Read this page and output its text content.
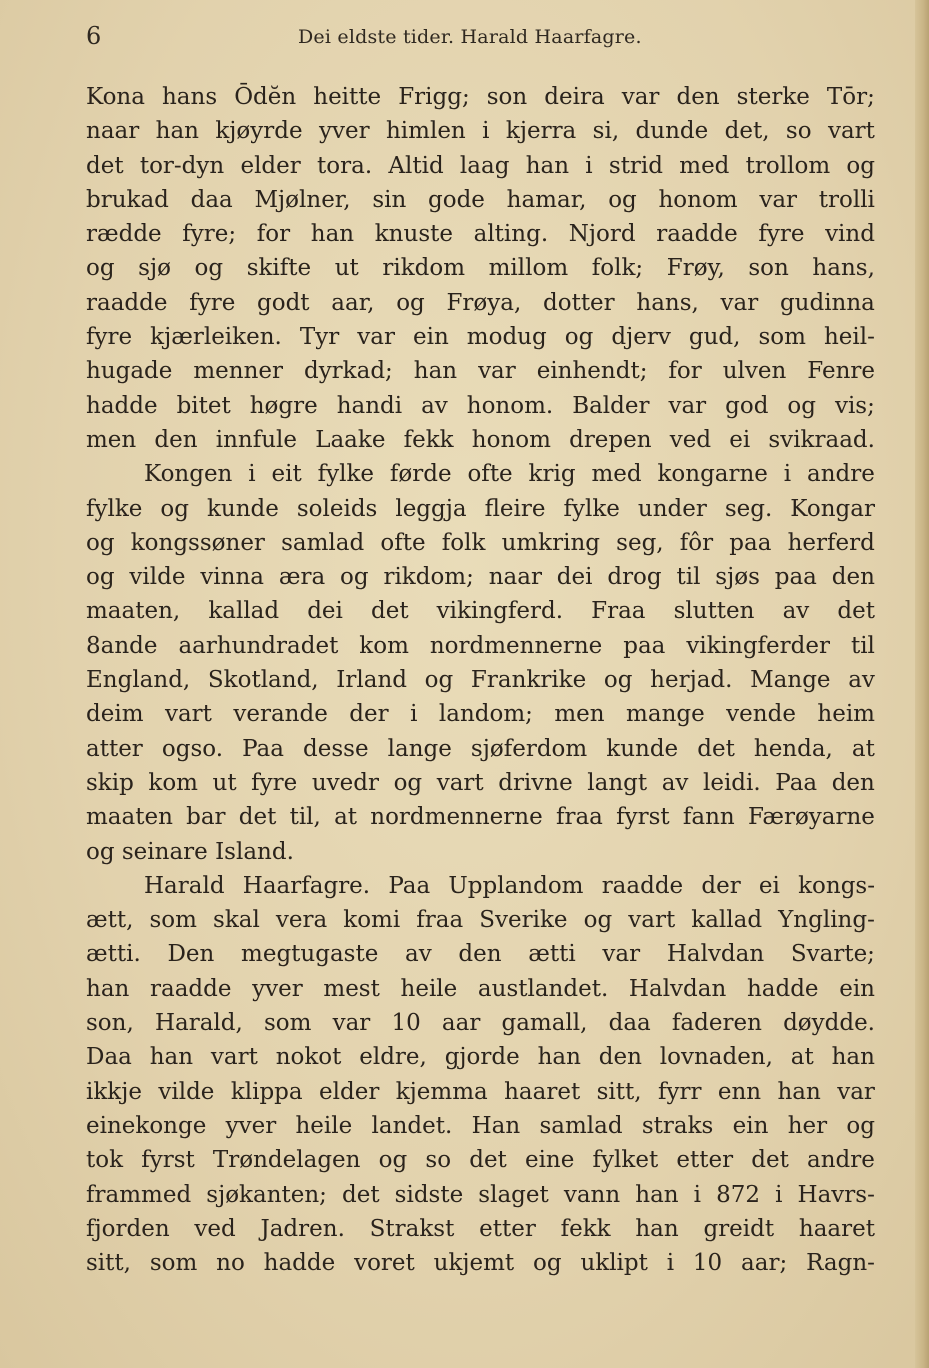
6	Dei eldste tider. Harald Haarfagre.
Kona hans Ōdĕn heitte Frigg; son deira var den sterke Tōr;
naar han kjøyrde yver himlen i kjerra si, dunde det, so vart
det tor-dyn elder tora. Altid laag han i strid med trollom og
brukad daa Mjølner, sin gode hamar, og honom var trolli
rædde fyre; for han knuste alting. Njord raadde fyre vind
og sjø og skifte ut rikdom millom folk; Frøy, son hans,
raadde fyre godt aar, og Frøya, dotter hans, var gudinna
fyre kjærleiken. Tyr var ein modug og djerv gud, som heil-
hugade menner dyrkad; han var einhendt; for ulven Fenre
hadde bitet høgre handi av honom. Balder var god og vis;
men den innfule Laake fekk honom drepen ved ei svikraad.
Kongen i eit fylke førde ofte krig med kongarne i andre
fylke og kunde soleids leggja fleire fylke under seg. Kongar
og kongssøner samlad ofte folk umkring seg, fôr paa herferd
og vilde vinna æra og rikdom; naar dei drog til sjøs paa den
maaten, kallad dei det vikingferd. Fraa slutten av det
8ande aarhundradet kom nordmennerne paa vikingferder til
England, Skotland, Irland og Frankrike og herjad. Mange av
deim vart verande der i landom; men mange vende heim
atter ogso. Paa desse lange sjøferdom kunde det henda, at
skip kom ut fyre uvedr og vart drivne langt av leidi. Paa den
maaten bar det til, at nordmennerne fraa fyrst fann Færøyarne
og seinare Island.
Harald Haarfagre. Paa Upplandom raadde der ei kongs-
ætt, som skal vera komi fraa Sverike og vart kallad Yngling-
ætti. Den megtugaste av den ætti var Halvdan Svarte;
han raadde yver mest heile austlandet. Halvdan hadde ein
son, Harald, som var 10 aar gamall, daa faderen døydde.
Daa han vart nokot eldre, gjorde han den lovnaden, at han
ikkje vilde klippa elder kjemma haaret sitt, fyrr enn han var
einekonge yver heile landet. Han samlad straks ein her og
tok fyrst Trøndelagen og so det eine fylket etter det andre
frammed sjøkanten; det sidste slaget vann han i 872 i Havrs-
fjorden ved Jadren. Strakst etter fekk han greidt haaret
sitt, som no hadde voret ukjemt og uklipt i 10 aar; Ragn-
